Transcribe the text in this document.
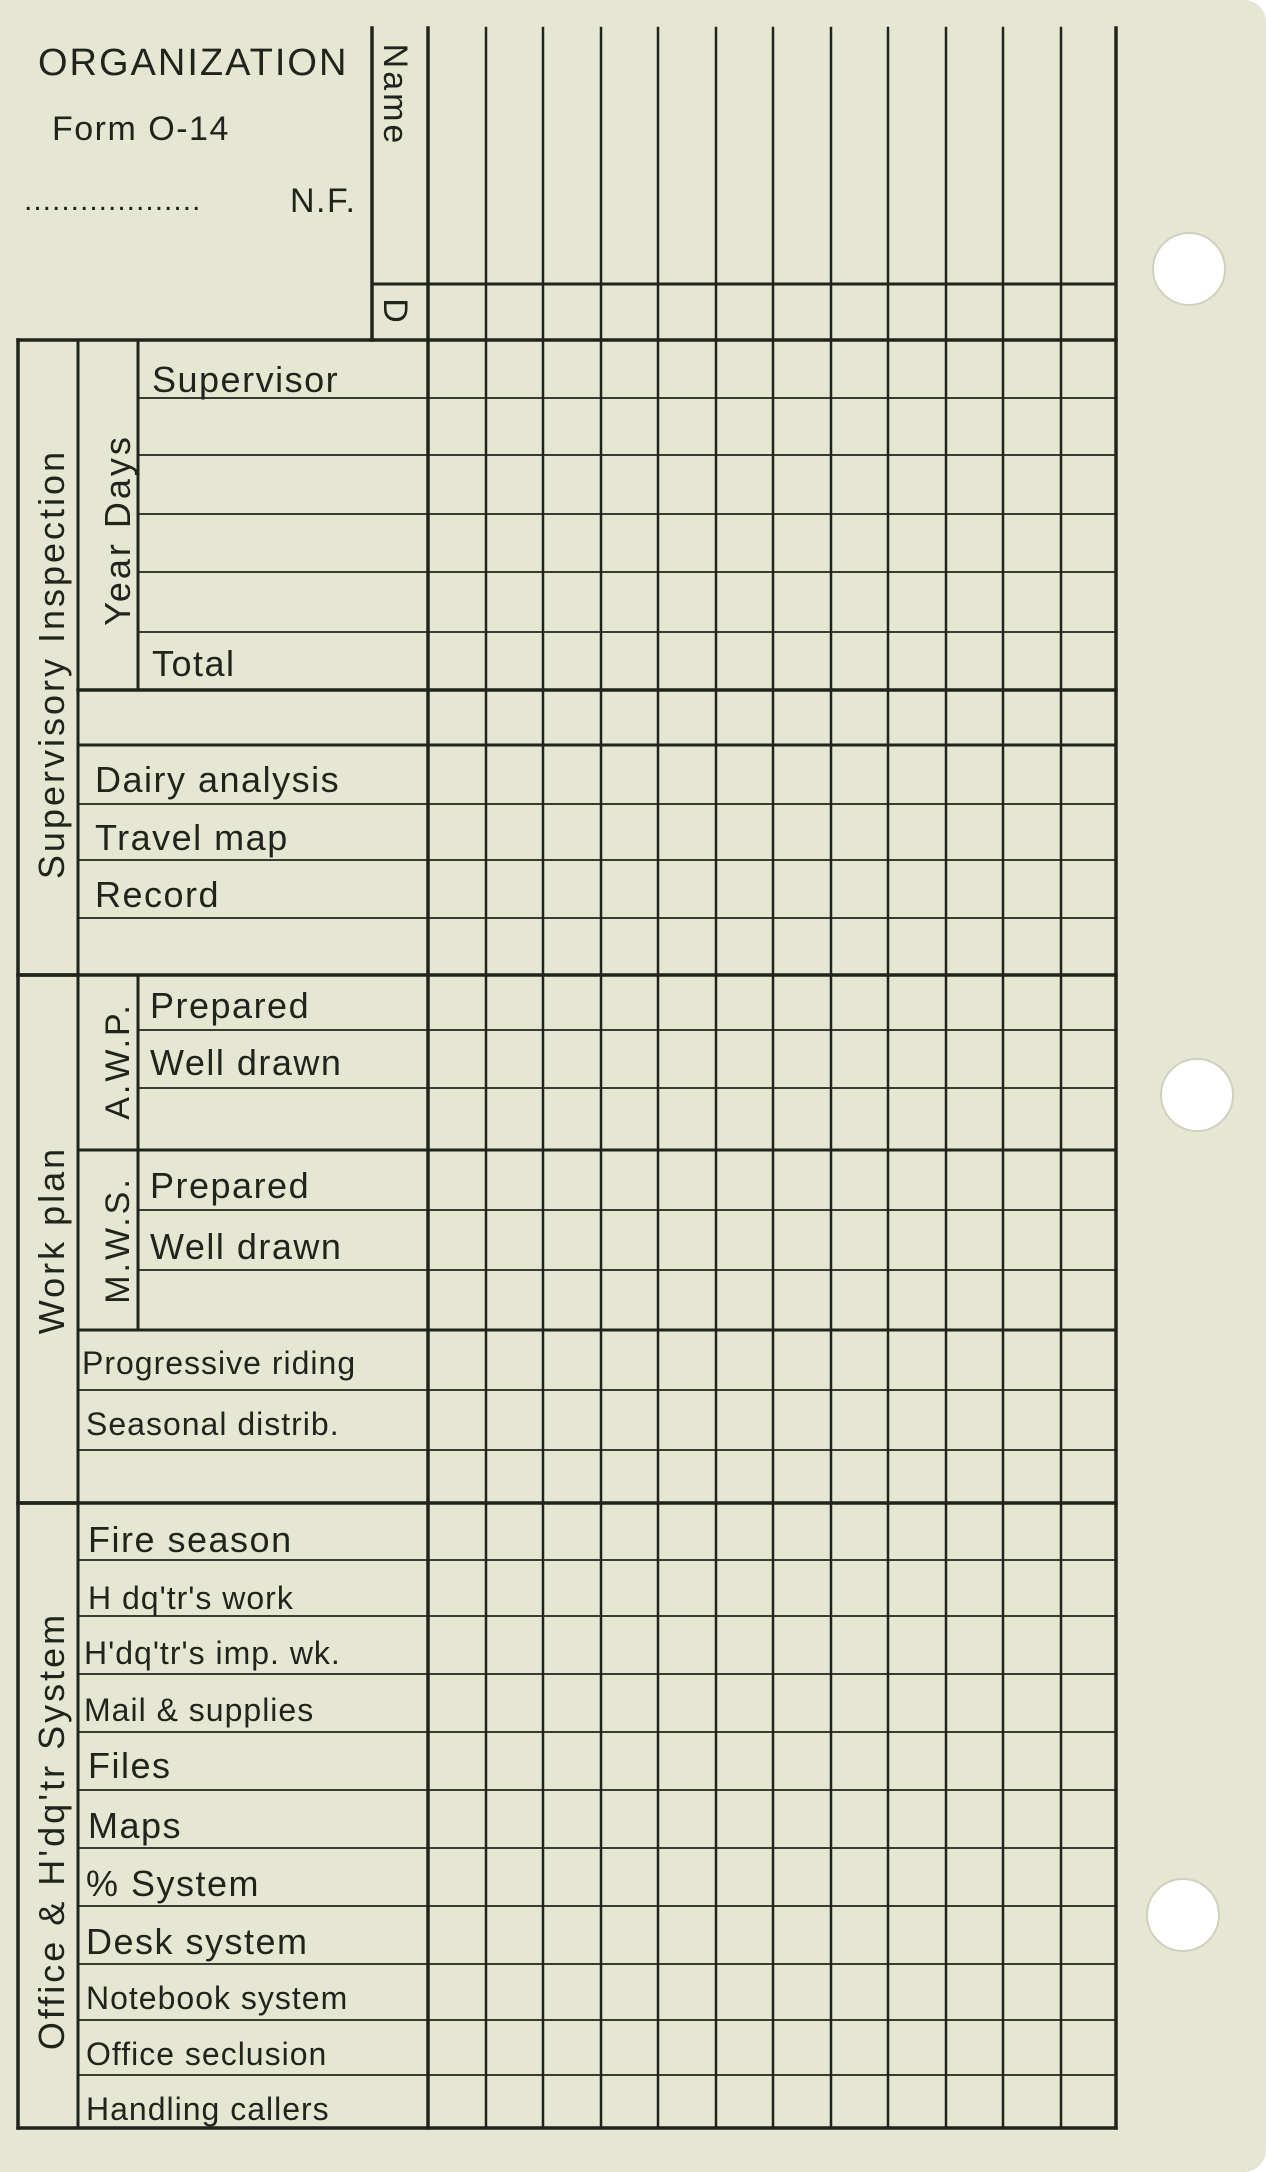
ORGANIZATION
Form O-14
...................	N.F.
Name
D
Supervisory Inspection
Work plan
Office & H'dq'tr System
Year Days
A.W.P.
M.W.S.
Supervisor
Total
Dairy analysis
Travel map
Record
Prepared
Well drawn
Prepared
Well drawn
Progressive riding
Seasonal distrib.
Fire season
H dq'tr's work
H'dq'tr's imp. wk.
Mail & supplies
Files
Maps
% System
Desk system
Notebook system
Office seclusion
Handling callers
